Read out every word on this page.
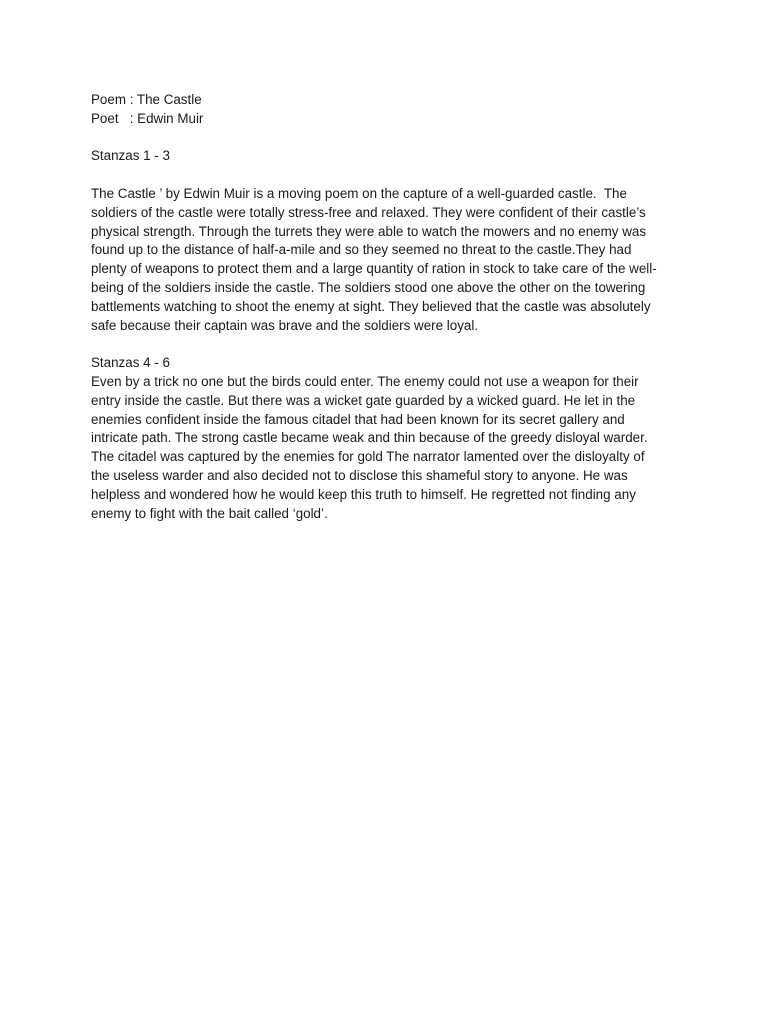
Poem : The Castle
Poet   : Edwin Muir
Stanzas 1 - 3
The Castle ’ by Edwin Muir is a moving poem on the capture of a well-guarded castle.  The
soldiers of the castle were totally stress-free and relaxed. They were confident of their castle’s
physical strength. Through the turrets they were able to watch the mowers and no enemy was
found up to the distance of half-a-mile and so they seemed no threat to the castle.They had
plenty of weapons to protect them and a large quantity of ration in stock to take care of the well-
being of the soldiers inside the castle. The soldiers stood one above the other on the towering
battlements watching to shoot the enemy at sight. They believed that the castle was absolutely
safe because their captain was brave and the soldiers were loyal.
Stanzas 4 - 6
Even by a trick no one but the birds could enter. The enemy could not use a weapon for their
entry inside the castle. But there was a wicket gate guarded by a wicked guard. He let in the
enemies confident inside the famous citadel that had been known for its secret gallery and
intricate path. The strong castle became weak and thin because of the greedy disloyal warder.
The citadel was captured by the enemies for gold The narrator lamented over the disloyalty of
the useless warder and also decided not to disclose this shameful story to anyone. He was
helpless and wondered how he would keep this truth to himself. He regretted not finding any
enemy to fight with the bait called ‘gold’.
